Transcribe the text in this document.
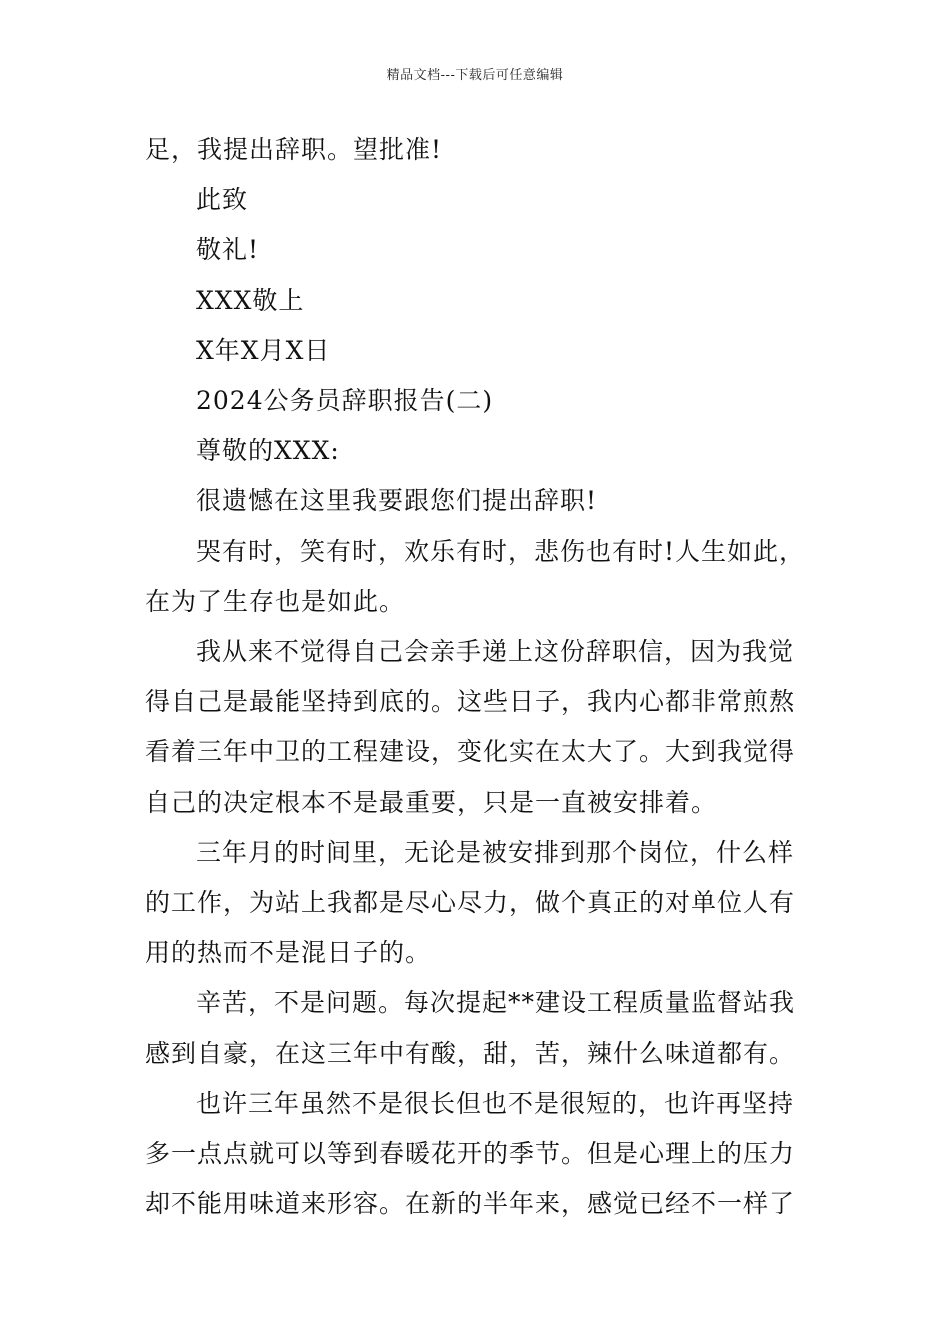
精品文档---下载后可任意编辑

足，我提出辞职。望批准!

此致

敬礼!

XXX敬上

X年X月X日

2024公务员辞职报告(二)

尊敬的XXX:

很遗憾在这里我要跟您们提出辞职!

哭有时，笑有时，欢乐有时，悲伤也有时!人生如此，在为了生存也是如此。

我从来不觉得自己会亲手递上这份辞职信，因为我觉得自己是最能坚持到底的。这些日子，我内心都非常煎熬看着三年中卫的工程建设，变化实在太大了。大到我觉得自己的决定根本不是最重要，只是一直被安排着。

三年月的时间里，无论是被安排到那个岗位，什么样的工作，为站上我都是尽心尽力，做个真正的对单位人有用的热而不是混日子的。

辛苦，不是问题。每次提起**建设工程质量监督站我感到自豪，在这三年中有酸，甜，苦，辣什么味道都有。

也许三年虽然不是很长但也不是很短的，也许再坚持多一点点就可以等到春暖花开的季节。但是心理上的压力却不能用味道来形容。在新的半年来，感觉已经不一样了
